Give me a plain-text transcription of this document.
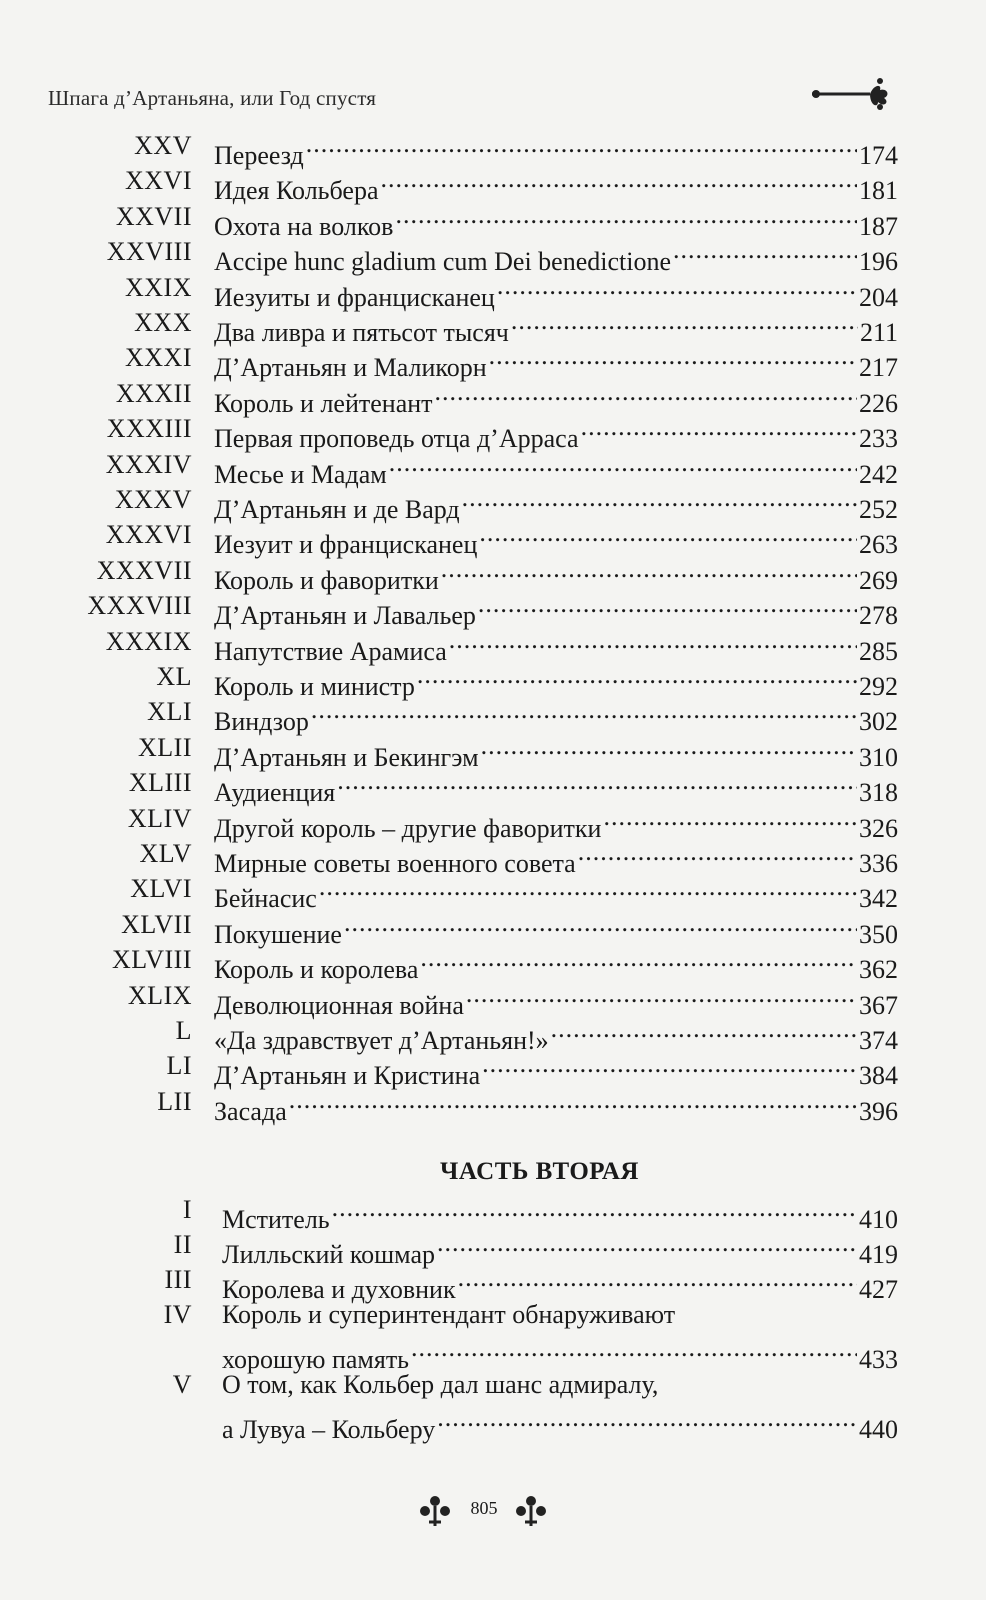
Шпага д’Артаньяна, или Год спустя
XXV Переезд .....	174
XXVI Идея Кольбера .....	181
XXVII Охота на волков .....	187
XXVIII Accipe hunc gladium cum Dei benedictione .....	196
XXIX Иезуиты и францисканец .....	204
XXX Два ливра и пятьсот тысяч .....	211
XXXI Д’Артаньян и Маликорн .....	217
XXXII Король и лейтенант .....	226
XXXIII Первая проповедь отца д’Арраса .....	233
XXXIV Месье и Мадам .....	242
XXXV Д’Артаньян и де Вард .....	252
XXXVI Иезуит и францисканец .....	263
XXXVII Король и фаворитки .....	269
XXXVIII Д’Артаньян и Лавальер .....	278
XXXIX Напутствие Арамиса .....	285
XL Король и министр .....	292
XLI Виндзор .....	302
XLII Д’Артаньян и Бекингэм .....	310
XLIII Аудиенция .....	318
XLIV Другой король – другие фаворитки .....	326
XLV Мирные советы военного совета .....	336
XLVI Бейнасис .....	342
XLVII Покушение .....	350
XLVIII Король и королева .....	362
XLIX Деволюционная война .....	367
L «Да здравствует д’Артаньян!» .....	374
LI Д’Артаньян и Кристина .....	384
LII Засада .....	396
I Мститель .....	410
II Лилльский кошмар .....	419
III Королева и духовник .....	427
IV Король и суперинтендант обнаруживают
хорошую память .....	433
V О том, как Кольбер дал шанс адмиралу,
а Лувуа – Кольберу .....	440
ЧАСТЬ ВТОРАЯ
805
